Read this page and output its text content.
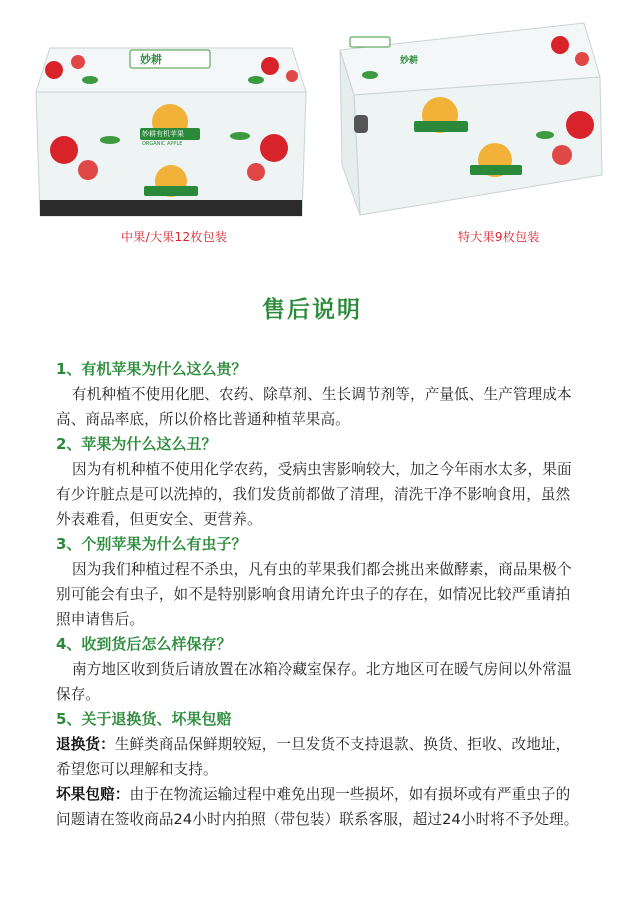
妙耕
妙耕有机苹果
ORGANIC APPLE
中果/大果12枚包装
妙耕
特大果9枚包装
售后说明
1、有机苹果为什么这么贵？
有机种植不使用化肥、农药、除草剂、生长调节剂等，产量低、生产管理成本高、商品率底，所以价格比普通种植苹果高。
2、苹果为什么这么丑？
因为有机种植不使用化学农药，受病虫害影响较大，加之今年雨水太多，果面有少许脏点是可以洗掉的，我们发货前都做了清理，清洗干净不影响食用，虽然外表难看，但更安全、更营养。
3、个别苹果为什么有虫子？
因为我们种植过程不杀虫，凡有虫的苹果我们都会挑出来做酵素，商品果极个别可能会有虫子，如不是特别影响食用请允许虫子的存在，如情况比较严重请拍照申请售后。
4、收到货后怎么样保存？
南方地区收到货后请放置在冰箱冷藏室保存。北方地区可在暖气房间以外常温保存。
5、关于退换货、坏果包赔

退换货：生鲜类商品保鲜期较短，一旦发货不支持退款、换货、拒收、改地址，希望您可以理解和支持。

坏果包赔：由于在物流运输过程中难免出现一些损坏，如有损坏或有严重虫子的问题请在签收商品24小时内拍照（带包装）联系客服，超过24小时将不予处理。
